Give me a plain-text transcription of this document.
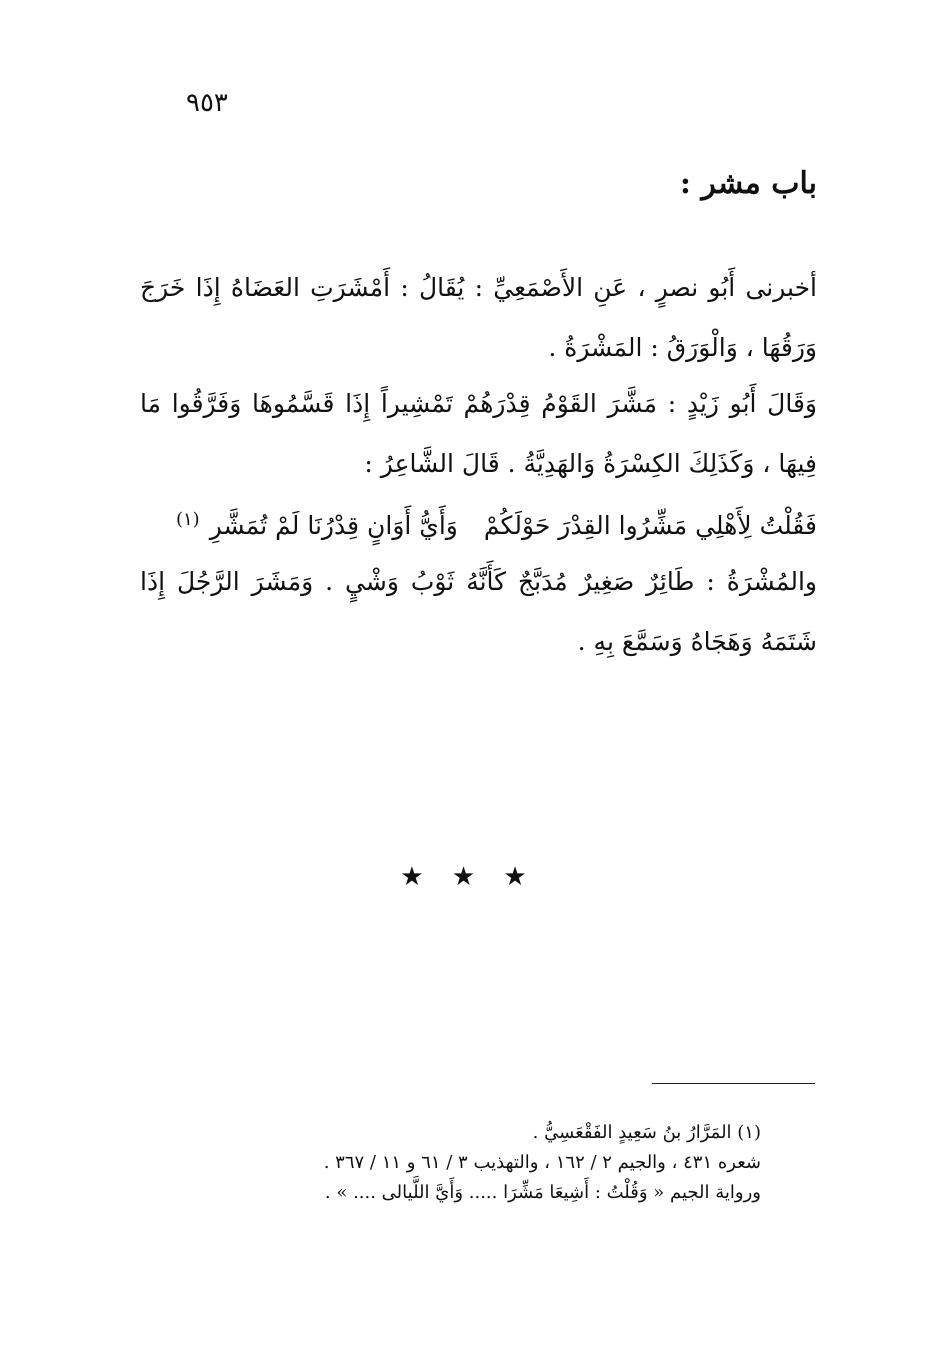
٩٥٣
باب مشر :

أخبرنى أَبُو نصرٍ ، عَنِ الأَصْمَعِيِّ : يُقَالُ : أَمْشَرَتِ العَضَاهُ إِذَا خَرَجَ وَرَقُهَا ، وَالْوَرَقُ : المَشْرَةُ .

وَقَالَ أَبُو زَيْدٍ : مَشَّرَ القَوْمُ قِدْرَهُمْ تَمْشِيراً إِذَا قَسَّمُوهَا وَفَرَّقُوا مَا فِيهَا ، وَكَذَلِكَ الكِسْرَةُ وَالهَدِيَّةُ . قَالَ الشَّاعِرُ :

فَقُلْتُ لِأَهْلِي مَشِّرُوا القِدْرَ حَوْلَكُمْوَأَيُّ أَوَانٍ قِدْرُنَا لَمْ تُمَشَّرِ$^{(١)}$

والمُشْرَةُ : طَائِرٌ صَغِيرٌ مُدَبَّجٌ كَأَنَّهُ ثَوْبُ وَشْيٍ . وَمَشَرَ الرَّجُلَ إِذَا شَتَمَهُ وَهَجَاهُ وَسَمَّعَ بِهِ .

★ ★ ★
(١) المَرَّارُ بنُ سَعِيدٍ الفَقْعَسِيُّ .
شعره ٤٣١ ، والجيم ٢ / ١٦٢ ، والتهذيب ٣ / ٦١ و ١١ / ٣٦٧ .
ورواية الجيم « وَقُلْتُ : أَشِيعَا مَشِّرَا ..... وَأَيَّ اللَّيالى .... » .
